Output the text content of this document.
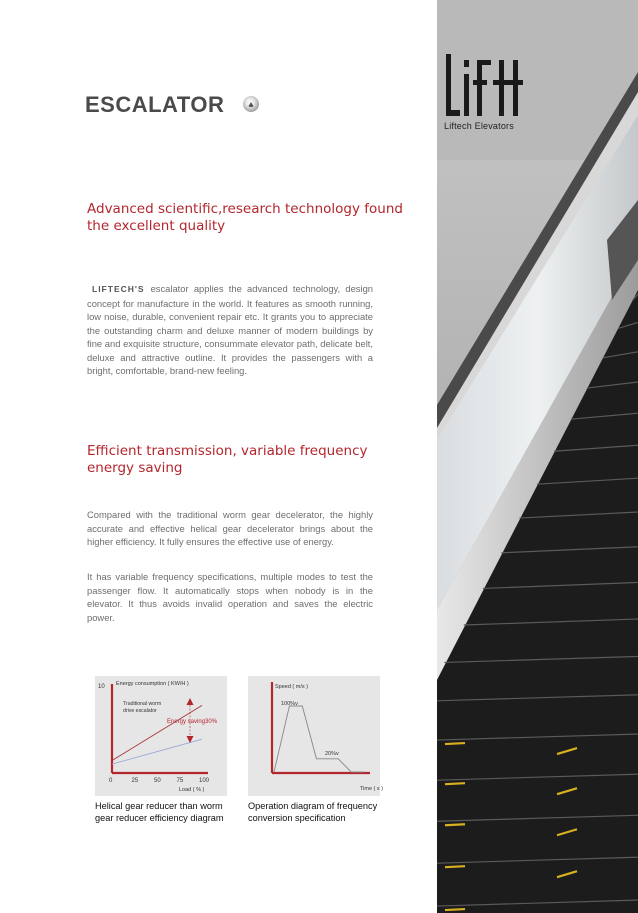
Liftech Elevators
ESCALATOR
Advanced scientific,research technology found the excellent quality
LIFTECH'S escalator applies the advanced technology, design concept for manufacture in the world. It features as smooth running, low noise, durable, convenient repair etc. It grants you to appreciate the outstanding charm and deluxe manner of modern buildings by fine and exquisite structure, consummate elevator path, delicate belt, deluxe and attractive outline. It provides the passengers with a bright, comfortable, brand-new feeling.
Efficient transmission, variable frequency energy saving
Compared with the traditional worm gear decelerator, the highly accurate and effective helical gear decelerator brings about the higher efficiency. It fully ensures the effective use of energy.
It has variable frequency specifications, multiple modes to test the passenger flow. It automatically stops when nobody is in the elevator. It thus avoids invalid operation and saves the electric power.
10 Energy consumption ( KW/H )
Traditional worm
drive escalator
Energy saving30%
Load ( % )
0	25	50	75	100
Helical gear reducer than worm
gear reducer efficiency diagram
Speed ( m/s )
100%v
20%v
Time ( s )
Operation diagram of frequency
conversion specification
